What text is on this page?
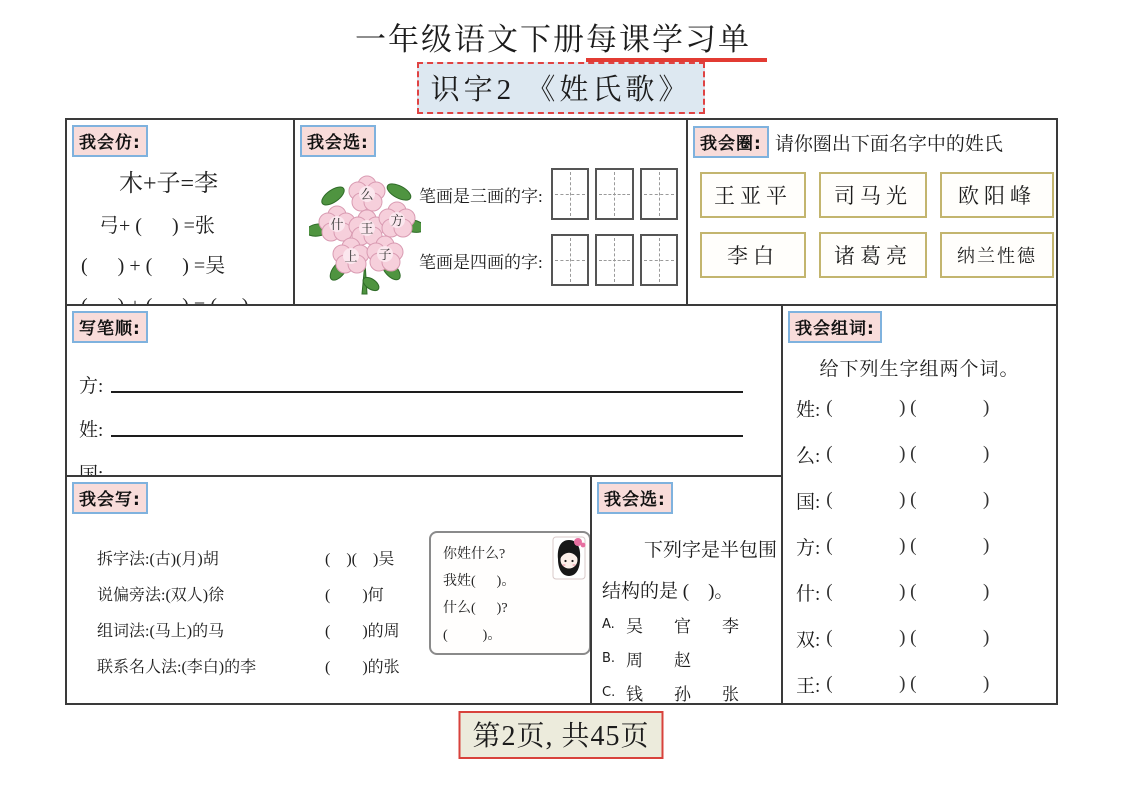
一年级语文下册每课学习单
识字2 《姓氏歌》
我会仿:
木+子=李
弓+ (      ) =张
(      ) + (      ) =吴
我会选:
么
什 王
方
上 子
笔画是三画的字:
笔画是四画的字:
我会圈: 请你圈出下面名字中的姓氏
王亚平	司马光	欧阳峰
李白	诸葛亮	纳兰性德
写笔顺:
方:
姓:
我会组词:
给下列生字组两个词。
姓: (              ) (              )
么: (              ) (              )
国: (              ) (              )
方: (              ) (              )
什: (              ) (              )
双: (              ) (              )
王: (              ) (              )
我会写:
拆字法:(古)(月)胡	(    )(    )吴
说偏旁法:(双人)徐	(        )何
组词法:(马上)的马	(        )的周
联系名人法:(李白)的李	(        )的张
你姓什么?
我姓(      )。
什么(      )?
(          )。
我会选:
下列字是半包围
结构的是 (    )。
A. 吴	官	李
B. 周	赵
C. 钱	孙	张
第2页, 共45页
